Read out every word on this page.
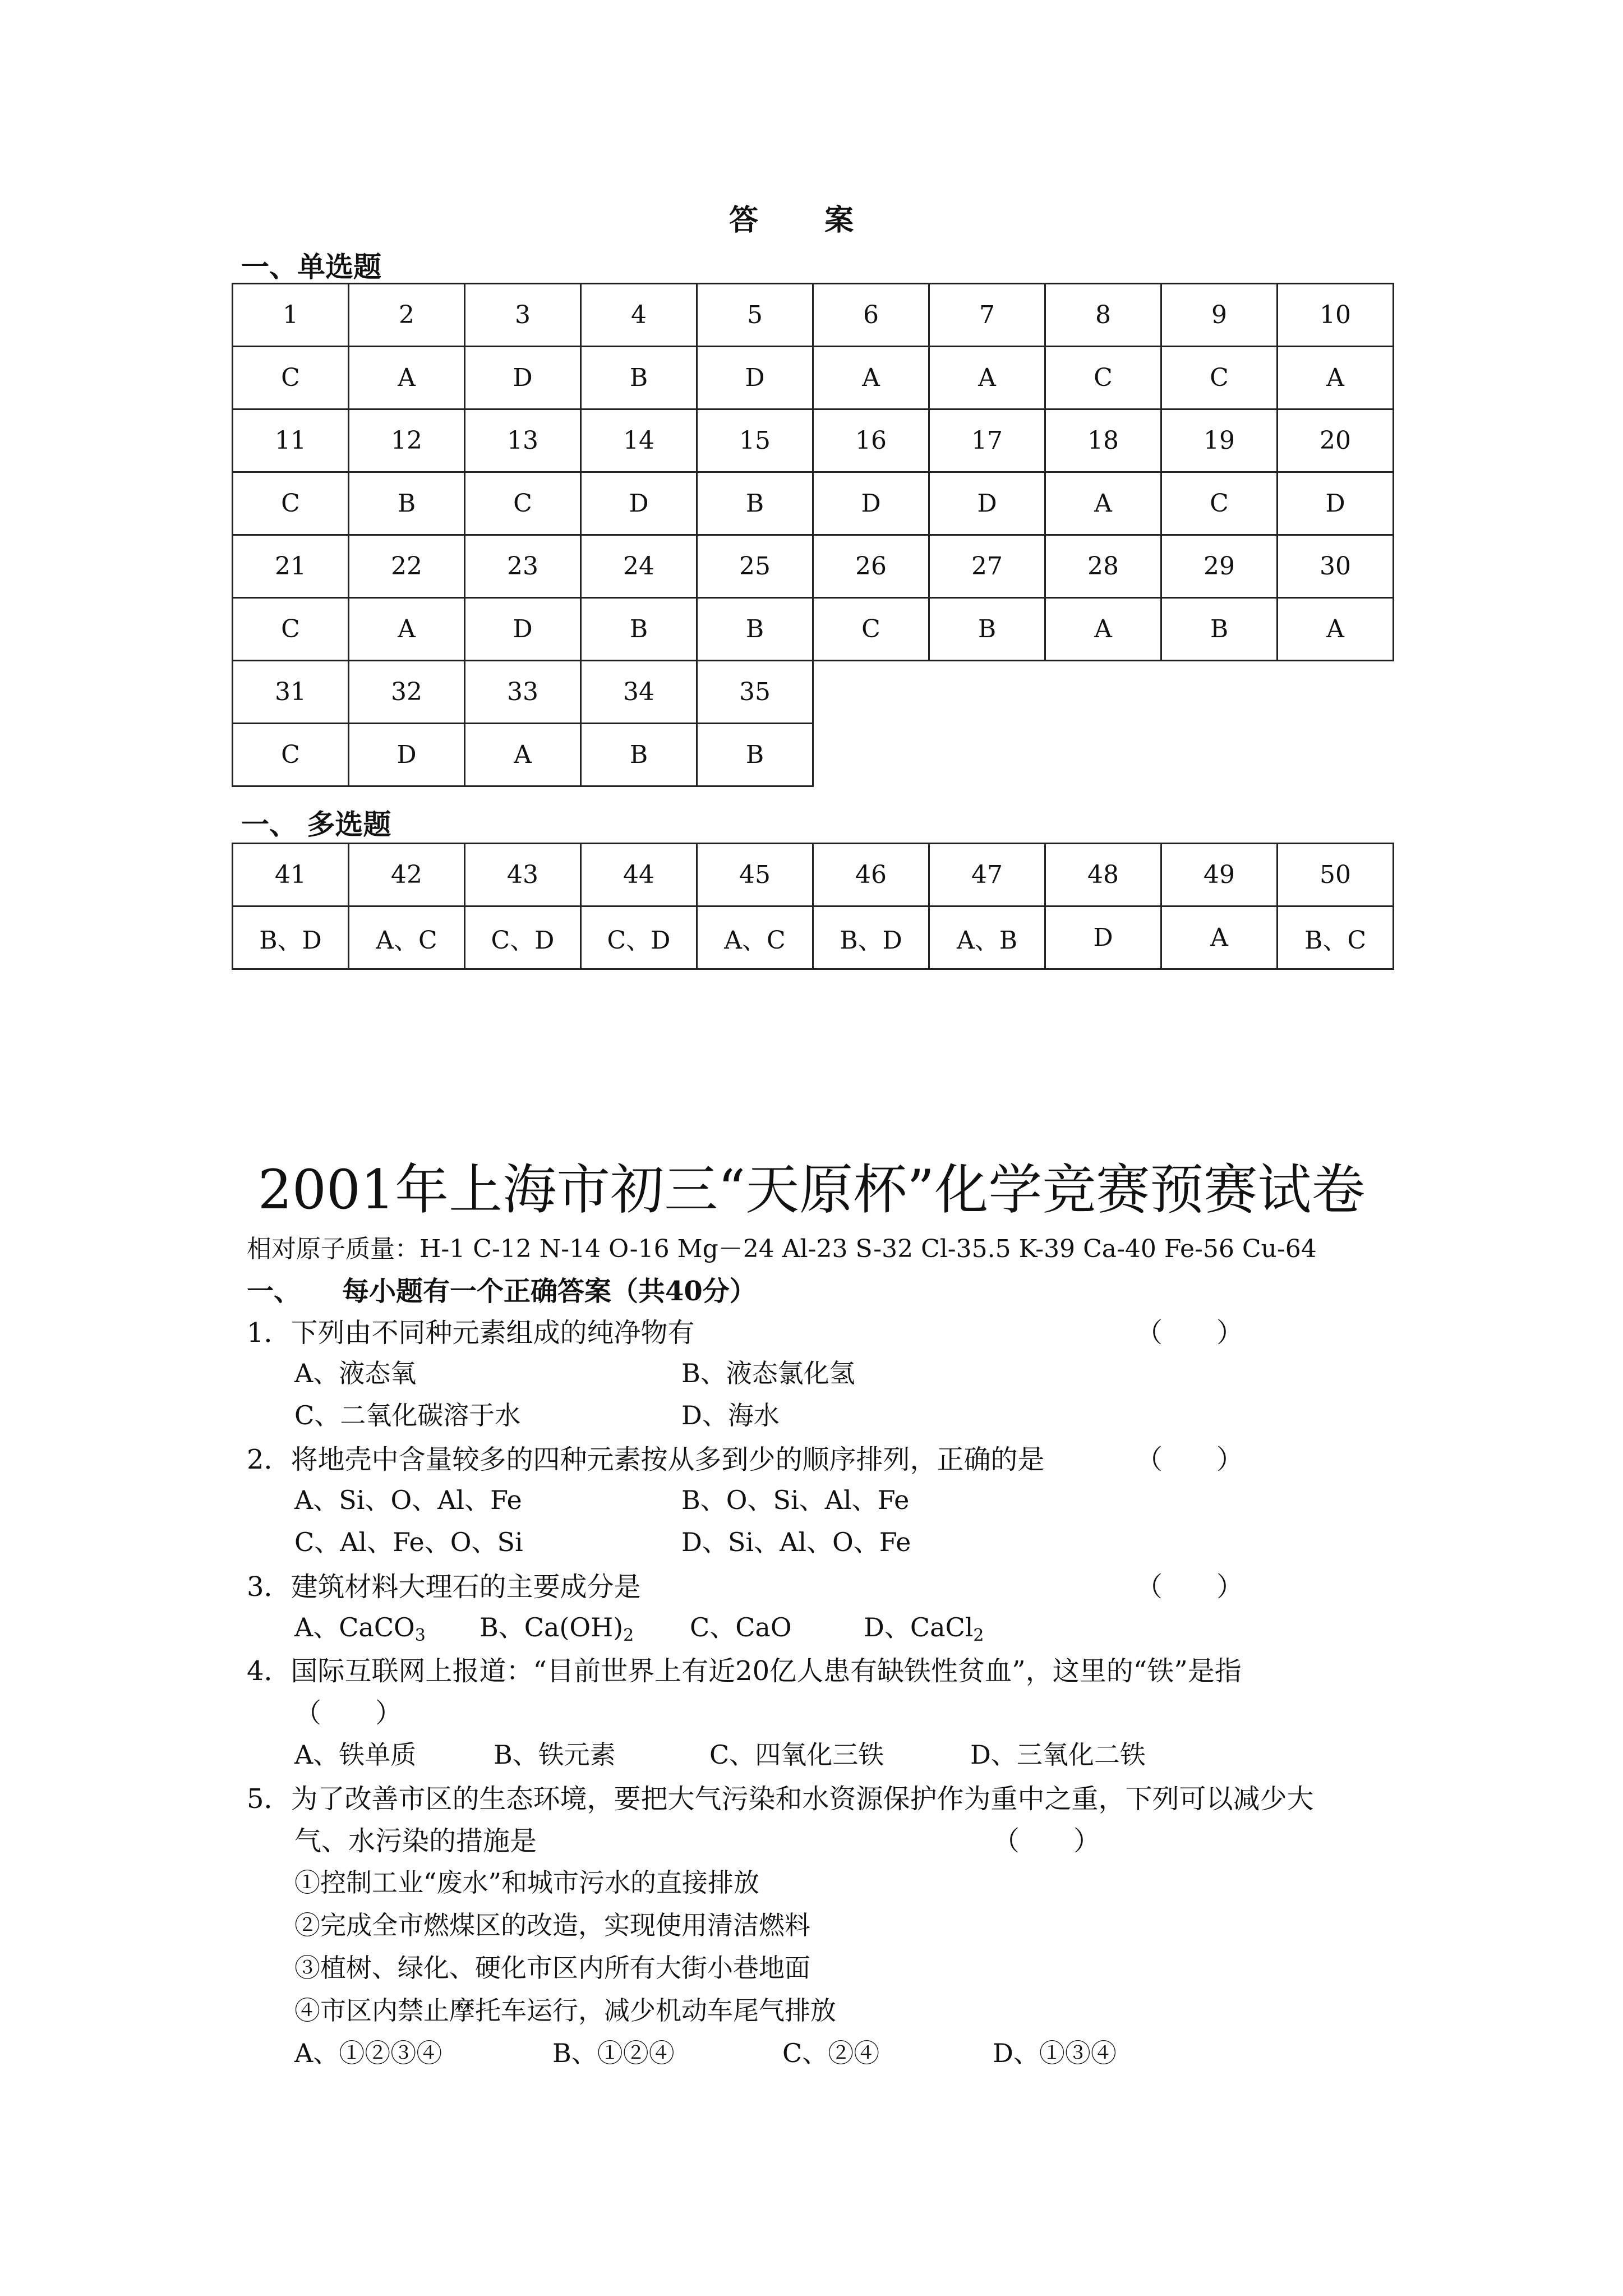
答 案
一、单选题
1	2	3	4	5	6	7	8	9	10
C	A	D	B	D	A	A	C	C	A
11	12	13	14	15	16	17	18	19	20
C	B	C	D	B	D	D	A	C	D
21	22	23	24	25	26	27	28	29	30
C	A	D	B	B	C	B	A	B	A
31	32	33	34	35					
C	D	A	B	B					
一、 多选题
41	42	43	44	45	46	47	48	49	50
B、D	A、C	C、D	C、D	A、C	B、D	A、B	D	A	B、C
2001年上海市初三“天原杯”化学竞赛预赛试卷
相对原子质量：H-1 C-12 N-14 O-16 Mg－24 Al-23 S-32 Cl-35.5 K-39 Ca-40 Fe-56 Cu-64
一、 每小题有一个正确答案（共40分）
1．下列由不同种元素组成的纯净物有	（　　）
A、液态氧	B、液态氯化氢
C、二氧化碳溶于水	D、海水
2．将地壳中含量较多的四种元素按从多到少的顺序排列，正确的是	（　　）
A、Si、O、Al、Fe	B、O、Si、Al、Fe
C、Al、Fe、O、Si	D、Si、Al、O、Fe
3．建筑材料大理石的主要成分是	（　　）
A、CaCO$_3$ B、$Ca(OH)_2$ C、CaO	D、CaCl$_2$
4．国际互联网上报道：“目前世界上有近20亿人患有缺铁性贫血”，这里的“铁”是指
（　　）
A、铁单质	B、铁元素	C、四氧化三铁	D、三氧化二铁
5．为了改善市区的生态环境，要把大气污染和水资源保护作为重中之重，下列可以减少大
气、水污染的措施是	（　　）
①控制工业“废水”和城市污水的直接排放
②完成全市燃煤区的改造，实现使用清洁燃料
③植树、绿化、硬化市区内所有大街小巷地面
④市区内禁止摩托车运行，减少机动车尾气排放
A、①②③④	B、①②④	C、②④	D、①③④
